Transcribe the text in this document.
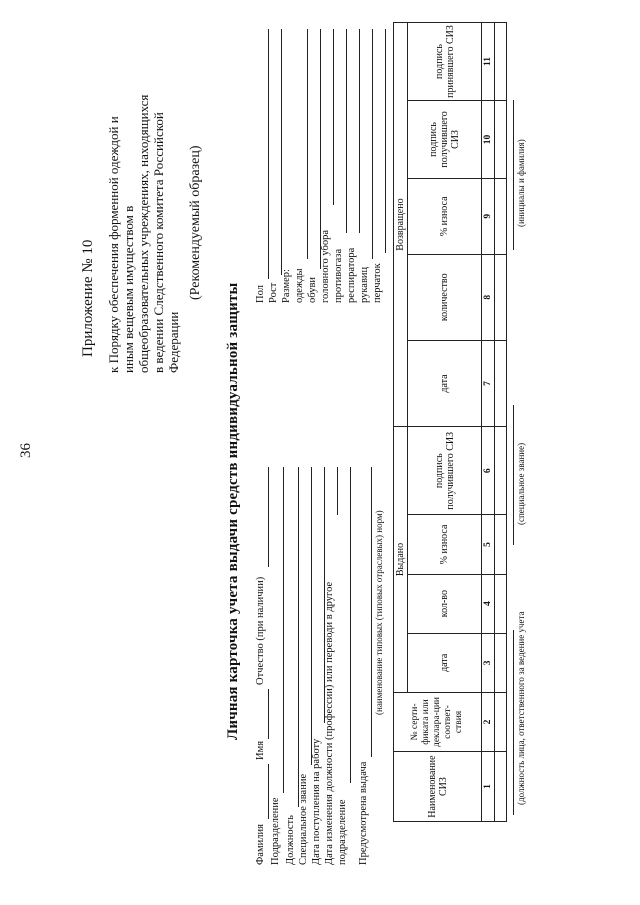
36
Приложение № 10 к Порядку обеспечения форменной одеждой и иным вещевым имуществом в общеобразовательных учреждениях, находящихся в ведении Следственного комитета Российской Федерации
(Рекомендуемый образец)
Личная карточка учета выдачи средств индивидуальной защиты
Фамилия
Имя
Отчество (при наличии)
Подразделение Должность Специальное звание Дата поступления на работу Дата изменения должности (профессии) или переводи в другое подразделение Предусмотрена выдача
(наименование типовых (типовых отраслевых) норм)
Пол Рост Размер: одежды обуви головного убора противогаза респиратора рукавиц перчаток
Наименование СИЗ	№ серти-фиката или деклара-ции соответ-ствия	Выдано				Возвращено				
		дата	кол-во	% износа	подпись получившего СИЗ	дата	количество	% износа	подпись получившего СИЗ	подпись принявшего СИЗ
1	2	3	4	5	6	7	8	9	10	11

(должность лица, ответственного за ведение учета
(специальное звание)
(инициалы и фамилия)
